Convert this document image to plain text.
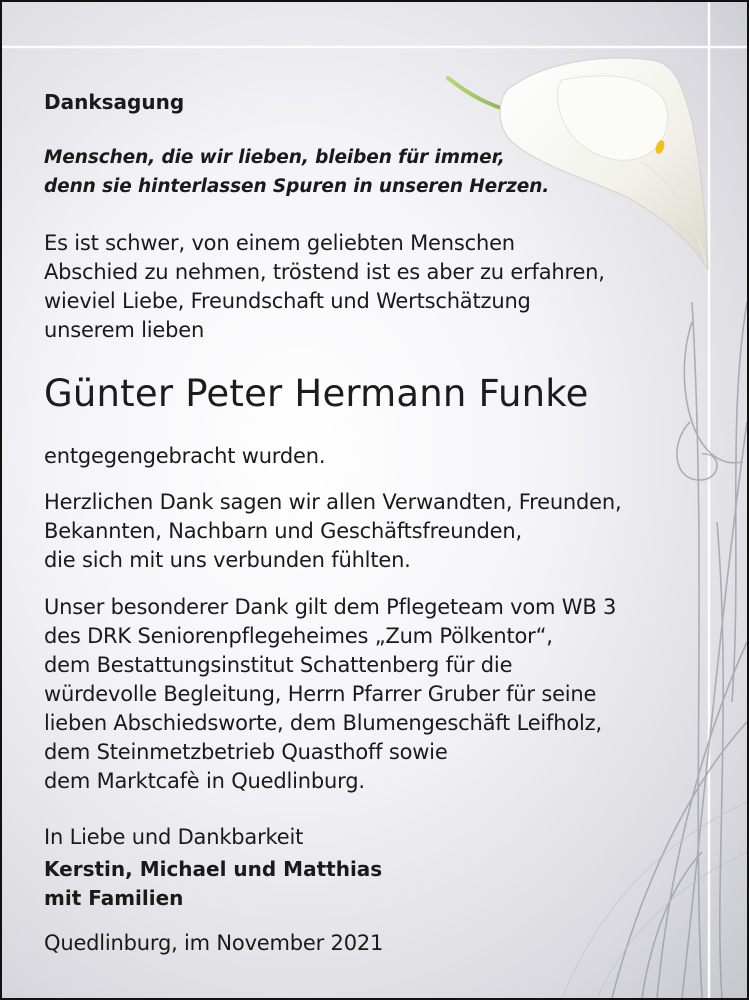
Danksagung
Menschen, die wir lieben, bleiben für immer,
denn sie hinterlassen Spuren in unseren Herzen.
Es ist schwer, von einem geliebten Menschen
Abschied zu nehmen, tröstend ist es aber zu erfahren,
wieviel Liebe, Freundschaft und Wertschätzung
unserem lieben
Günter Peter Hermann Funke
entgegengebracht wurden.
Herzlichen Dank sagen wir allen Verwandten, Freunden,
Bekannten, Nachbarn und Geschäftsfreunden,
die sich mit uns verbunden fühlten.
Unser besonderer Dank gilt dem Pflegeteam vom WB 3
des DRK Seniorenpflegeheimes „Zum Pölkentor“,
dem Bestattungsinstitut Schattenberg für die
würdevolle Begleitung, Herrn Pfarrer Gruber für seine
lieben Abschiedsworte, dem Blumengeschäft Leifholz,
dem Steinmetzbetrieb Quasthoff sowie
dem Marktcafè in Quedlinburg.
In Liebe und Dankbarkeit
Kerstin, Michael und Matthias
mit Familien
Quedlinburg, im November 2021
